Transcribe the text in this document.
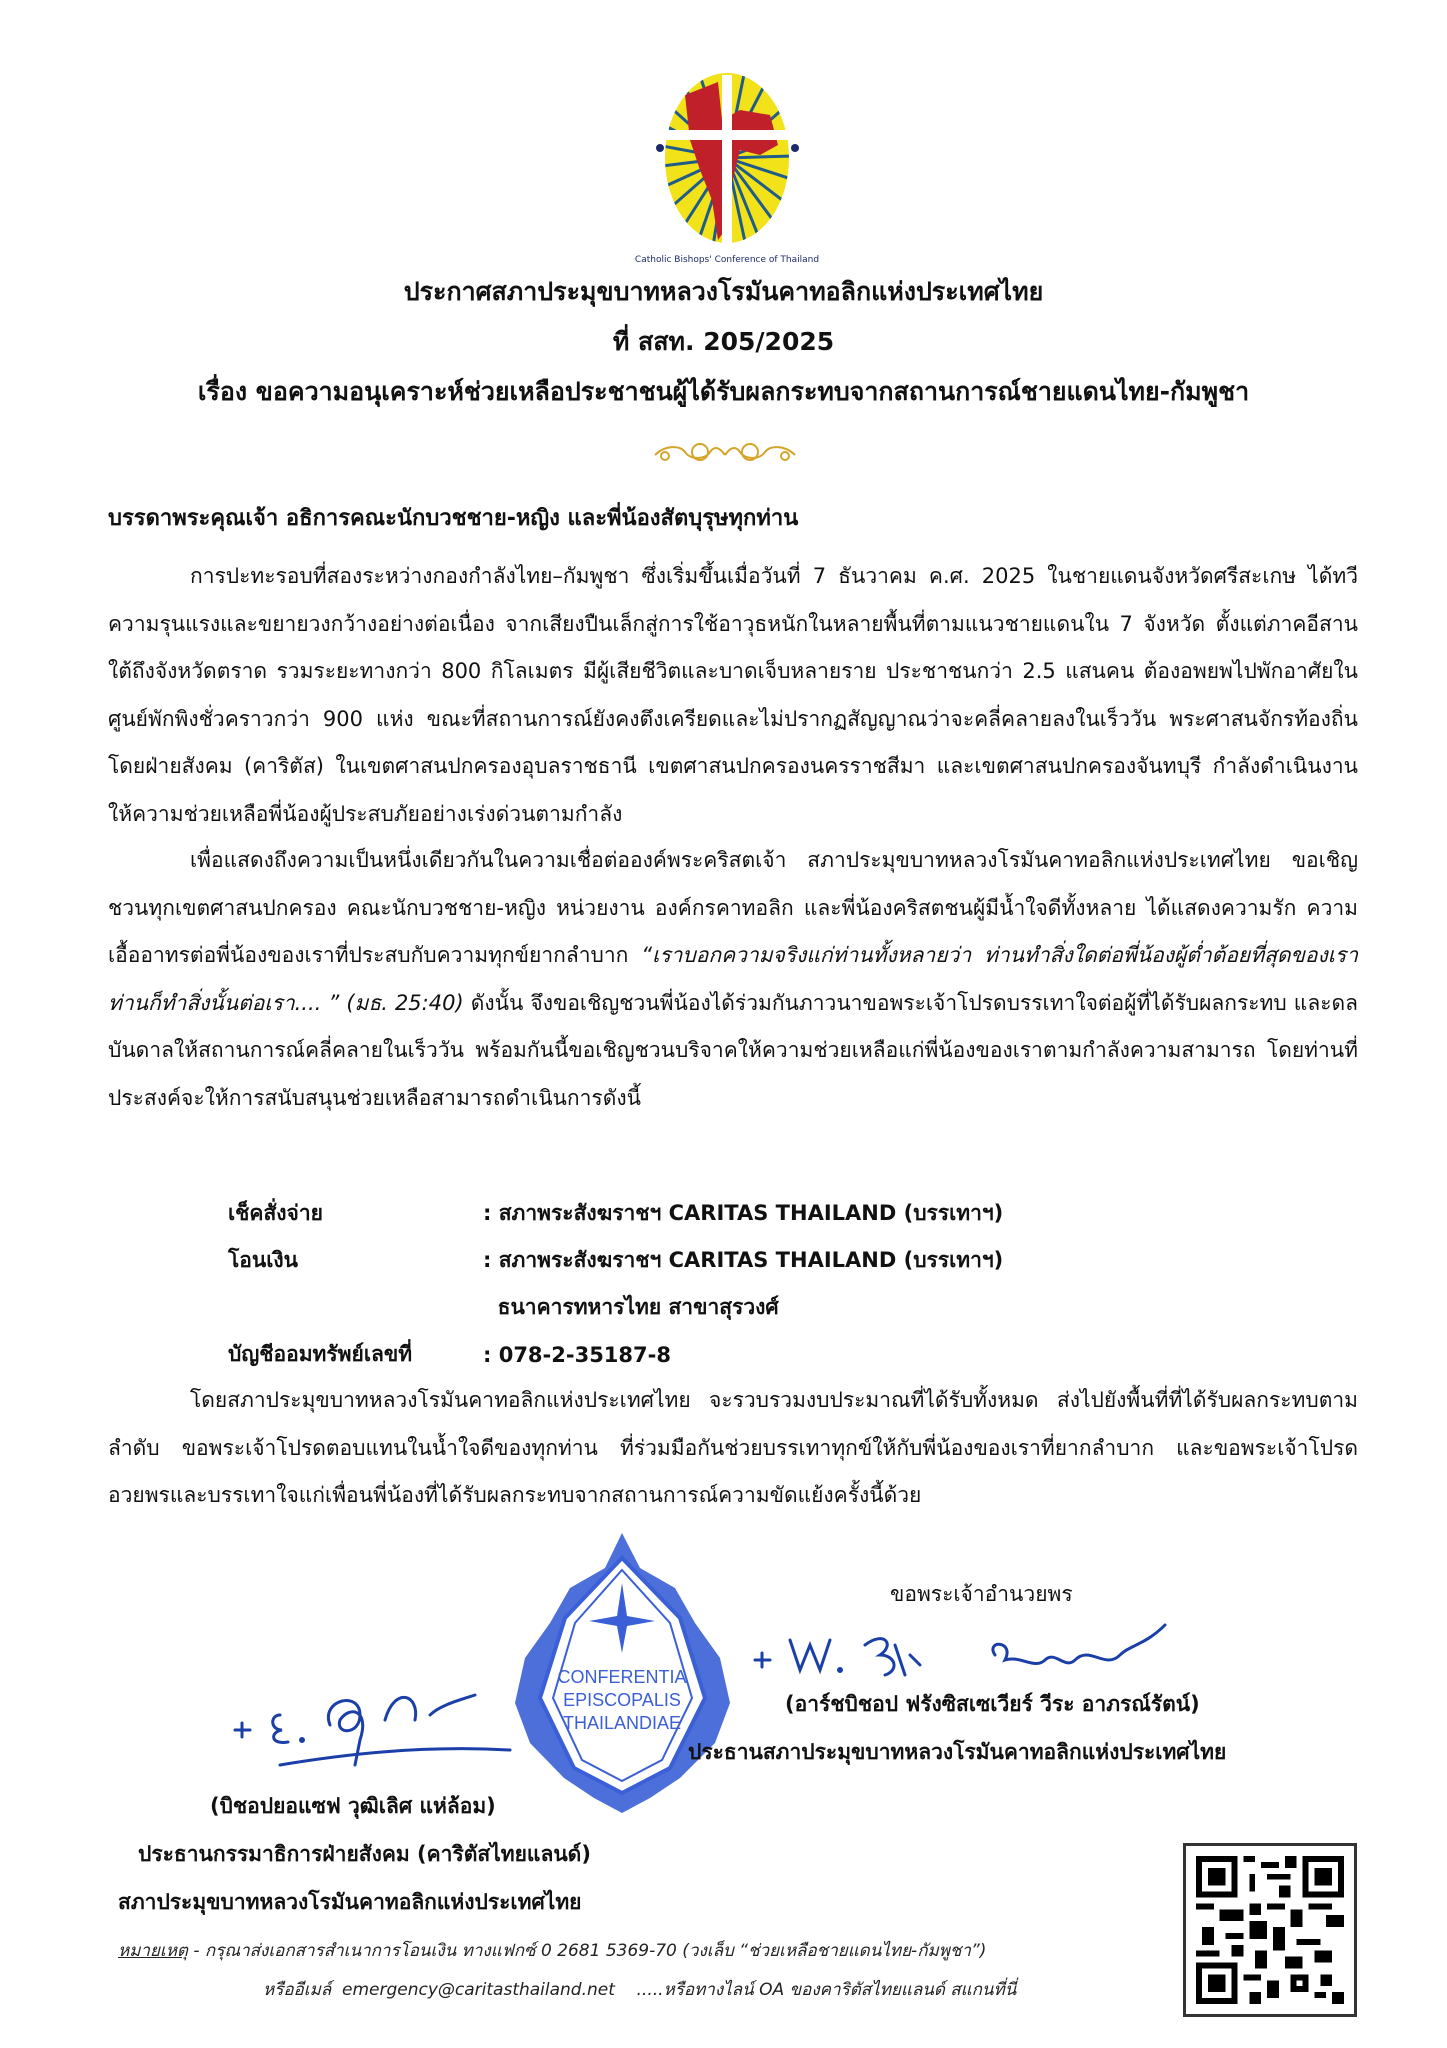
Catholic Bishops' Conference of Thailand
ประกาศสภาประมุขบาทหลวงโรมันคาทอลิกแห่งประเทศไทย
ที่ สสท. 205/2025
เรื่อง ขอความอนุเคราะห์ช่วยเหลือประชาชนผู้ได้รับผลกระทบจากสถานการณ์ชายแดนไทย-กัมพูชา
บรรดาพระคุณเจ้า อธิการคณะนักบวชชาย-หญิง และพี่น้องสัตบุรุษทุกท่าน
การปะทะรอบที่สองระหว่างกองกำลังไทย–กัมพูชา ซึ่งเริ่มขึ้นเมื่อวันที่ 7 ธันวาคม ค.ศ. 2025 ในชายแดนจังหวัดศรีสะเกษ ได้ทวีความรุนแรงและขยายวงกว้างอย่างต่อเนื่อง จากเสียงปืนเล็กสู่การใช้อาวุธหนักในหลายพื้นที่ตามแนวชายแดนใน 7 จังหวัด ตั้งแต่ภาคอีสานใต้ถึงจังหวัดตราด รวมระยะทางกว่า 800 กิโลเมตร มีผู้เสียชีวิตและบาดเจ็บหลายราย ประชาชนกว่า 2.5 แสนคน ต้องอพยพไปพักอาศัยในศูนย์พักพิงชั่วคราวกว่า 900 แห่ง ขณะที่สถานการณ์ยังคงตึงเครียดและไม่ปรากฏสัญญาณว่าจะคลี่คลายลงในเร็ววัน พระศาสนจักรท้องถิ่นโดยฝ่ายสังคม (คาริตัส) ในเขตศาสนปกครองอุบลราชธานี เขตศาสนปกครองนครราชสีมา และเขตศาสนปกครองจันทบุรี กำลังดำเนินงานให้ความช่วยเหลือพี่น้องผู้ประสบภัยอย่างเร่งด่วนตามกำลัง
เพื่อแสดงถึงความเป็นหนึ่งเดียวกันในความเชื่อต่อองค์พระคริสตเจ้า สภาประมุขบาทหลวงโรมันคาทอลิกแห่งประเทศไทย ขอเชิญชวนทุกเขตศาสนปกครอง คณะนักบวชชาย-หญิง หน่วยงาน องค์กรคาทอลิก และพี่น้องคริสตชนผู้มีน้ำใจดีทั้งหลาย ได้แสดงความรัก ความเอื้ออาทรต่อพี่น้องของเราที่ประสบกับความทุกข์ยากลำบาก “เราบอกความจริงแก่ท่านทั้งหลายว่า ท่านทำสิ่งใดต่อพี่น้องผู้ต่ำต้อยที่สุดของเรา ท่านก็ทำสิ่งนั้นต่อเรา.... ” (มธ. 25:40) ดังนั้น จึงขอเชิญชวนพี่น้องได้ร่วมกันภาวนาขอพระเจ้าโปรดบรรเทาใจต่อผู้ที่ได้รับผลกระทบ และดลบันดาลให้สถานการณ์คลี่คลายในเร็ววัน พร้อมกันนี้ขอเชิญชวนบริจาคให้ความช่วยเหลือแก่พี่น้องของเราตามกำลังความสามารถ โดยท่านที่ประสงค์จะให้การสนับสนุนช่วยเหลือสามารถดำเนินการดังนี้
เช็คสั่งจ่าย	: สภาพระสังฆราชฯ CARITAS THAILAND (บรรเทาฯ)
โอนเงิน	: สภาพระสังฆราชฯ CARITAS THAILAND (บรรเทาฯ)
ธนาคารทหารไทย สาขาสุรวงศ์
บัญชีออมทรัพย์เลขที่	: 078-2-35187-8
โดยสภาประมุขบาทหลวงโรมันคาทอลิกแห่งประเทศไทย จะรวบรวมงบประมาณที่ได้รับทั้งหมด ส่งไปยังพื้นที่ที่ได้รับผลกระทบตามลำดับ ขอพระเจ้าโปรดตอบแทนในน้ำใจดีของทุกท่าน ที่ร่วมมือกันช่วยบรรเทาทุกข์ให้กับพี่น้องของเราที่ยากลำบาก และขอพระเจ้าโปรดอวยพรและบรรเทาใจแก่เพื่อนพี่น้องที่ได้รับผลกระทบจากสถานการณ์ความขัดแย้งครั้งนี้ด้วย
CONFERENTIA
EPISCOPALIS
THAILANDIAE
ขอพระเจ้าอำนวยพร
(อาร์ชบิชอป ฟรังซิสเซเวียร์ วีระ อาภรณ์รัตน์)
ประธานสภาประมุขบาทหลวงโรมันคาทอลิกแห่งประเทศไทย
(บิชอปยอแซฟ วุฒิเลิศ แห่ล้อม)
ประธานกรรมาธิการฝ่ายสังคม (คาริตัสไทยแลนด์)
สภาประมุขบาทหลวงโรมันคาทอลิกแห่งประเทศไทย
หมายเหตุ - กรุณาส่งเอกสารสำเนาการโอนเงิน ทางแฟกซ์ 0 2681 5369-70 (วงเล็บ “ช่วยเหลือชายแดนไทย-กัมพูชา”)
หรืออีเมล์  emergency@caritasthailand.net    .....หรือทางไลน์ OA ของคาริตัสไทยแลนด์ สแกนที่นี่
